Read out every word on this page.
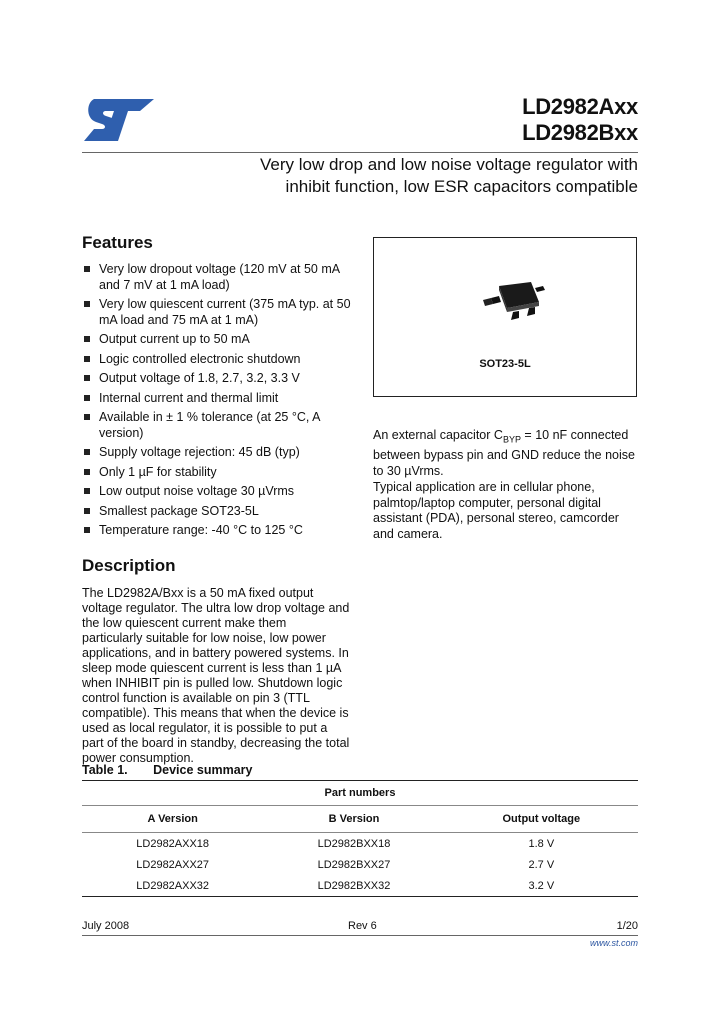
LD2982Axx
LD2982Bxx
Very low drop and low noise voltage regulator with
inhibit function, low ESR capacitors compatible
Features
Very low dropout voltage (120 mV at 50 mA and 7 mV at 1 mA load)
Very low quiescent current (375 mA typ. at 50 mA load and 75 mA at 1 mA)
Output current up to 50 mA
Logic controlled electronic shutdown
Output voltage of 1.8, 2.7, 3.2, 3.3 V
Internal current and thermal limit
Available in ± 1 % tolerance (at 25 °C, A version)
Supply voltage rejection: 45 dB (typ)
Only 1 µF for stability
Low output noise voltage 30 µVrms
Smallest package SOT23-5L
Temperature range: -40 °C to 125 °C
SOT23-5L
An external capacitor $C_{BYP} = 10$ nF connected between bypass pin and GND reduce the noise to 30 µVrms.
Typical application are in cellular phone, palmtop/laptop computer, personal digital assistant (PDA), personal stereo, camcorder and camera.
Description
The LD2982A/Bxx is a 50 mA fixed output voltage regulator. The ultra low drop voltage and the low quiescent current make them particularly suitable for low noise, low power applications, and in battery powered systems. In sleep mode quiescent current is less than 1 µA when INHIBIT pin is pulled low. Shutdown logic control function is available on pin 3 (TTL compatible). This means that when the device is used as local regulator, it is possible to put a part of the board in standby, decreasing the total power consumption.
Table 1. Device summary
Part numbers		
A Version	B Version	Output voltage
LD2982AXX18	LD2982BXX18	1.8 V
LD2982AXX27	LD2982BXX27	2.7 V
LD2982AXX32	LD2982BXX32	3.2 V
July 2008	Rev 6	1/20
www.st.com
